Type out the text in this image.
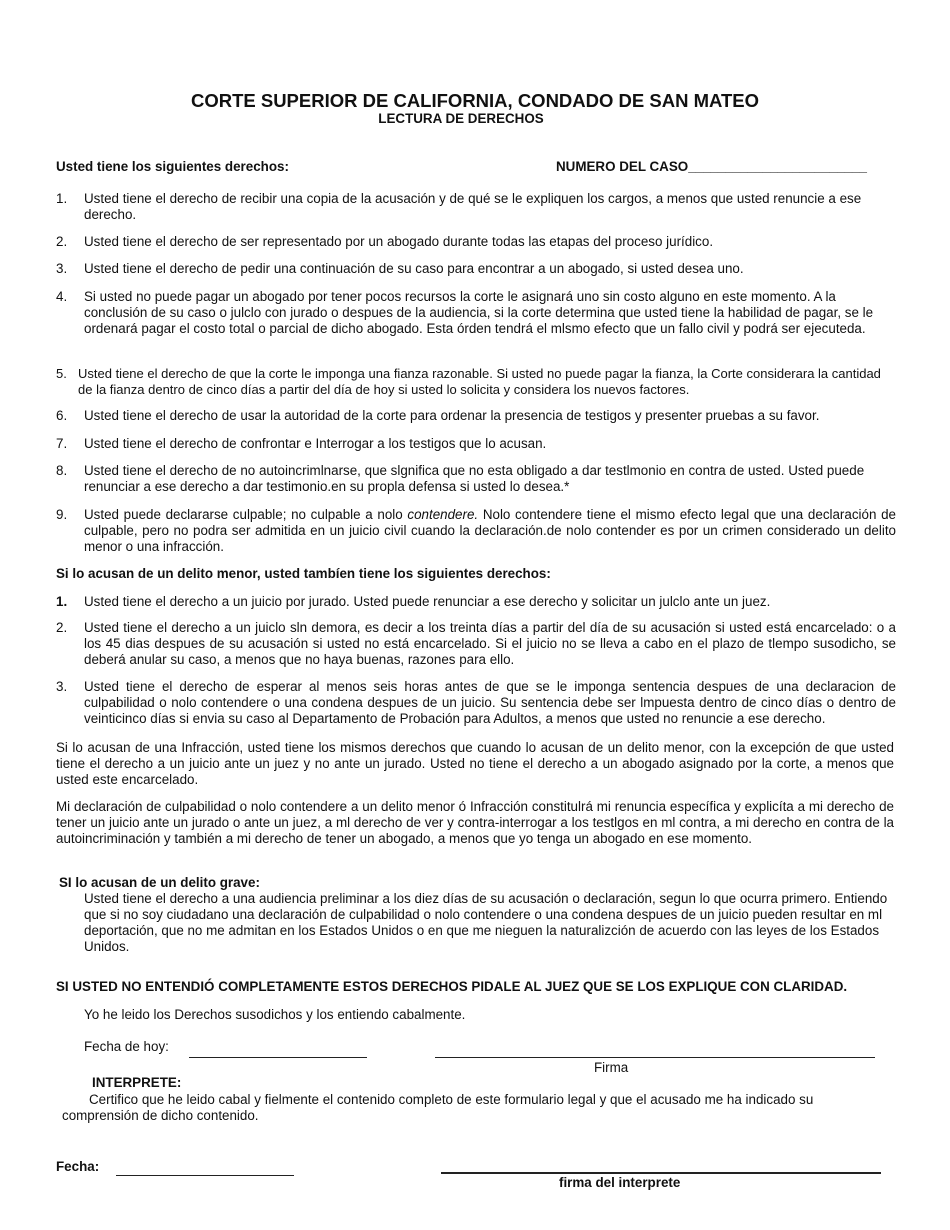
CORTE SUPERIOR DE CALIFORNIA, CONDADO DE SAN MATEO
LECTURA DE DERECHOS
Usted tiene los siguientes derechos:	NUMERO DEL CASO________________________
1. Usted tiene el derecho de recibir una copia de la acusación y de qué se le expliquen los cargos, a menos que usted renuncie a ese derecho.
2. Usted tiene el derecho de ser representado por un abogado durante todas las etapas del proceso jurídico.
3. Usted tiene el derecho de pedir una continuación de su caso para encontrar a un abogado, si usted desea uno.
4. Si usted no puede pagar un abogado por tener pocos recursos la corte le asignará uno sin costo alguno en este momento. A la conclusión de su caso o julclo con jurado o despues de la audiencia, si la corte determina que usted tiene la habilidad de pagar, se le ordenará pagar el costo total o parcial de dicho abogado. Esta órden tendrá el mlsmo efecto que un fallo civil y podrá ser ejecuteda.
5. Usted tiene el derecho de que la corte le imponga una fianza razonable. Si usted no puede pagar la fianza, la Corte considerara la cantidad de la fianza dentro de cinco días a partir del día de hoy si usted lo solicita y considera los nuevos factores.
6. Usted tiene el derecho de usar la autoridad de la corte para ordenar la presencia de testigos y presenter pruebas a su favor.
7. Usted tiene el derecho de confrontar e Interrogar a los testigos que lo acusan.
8. Usted tiene el derecho de no autoincrimlnarse, que slgnifica que no esta obligado a dar testlmonio en contra de usted. Usted puede renunciar a ese derecho a dar testimonio.en su propla defensa si usted lo desea.*
9. Usted puede declararse culpable; no culpable a nolo contendere. Nolo contendere tiene el mismo efecto legal que una declaración de culpable, pero no podra ser admitida en un juicio civil cuando la declaración.de nolo contender es por un crimen considerado un delito menor o una infracción.
Si lo acusan de un delito menor, usted tambíen tiene los siguientes derechos:
1. Usted tiene el derecho a un juicio por jurado. Usted puede renunciar a ese derecho y solicitar un julclo ante un juez.
2. Usted tiene el derecho a un juiclo sln demora, es decir a los treinta días a partir del día de su acusación si usted está encarcelado: o a los 45 dias despues de su acusación si usted no está encarcelado. Si el juicio no se lleva a cabo en el plazo de tlempo susodicho, se deberá anular su caso, a menos que no haya buenas, razones para ello.
3. Usted tiene el derecho de esperar al menos seis horas antes de que se le imponga sentencia despues de una declaracion de culpabilidad o nolo contendere o una condena despues de un juicio. Su sentencia debe ser lmpuesta dentro de cinco días o dentro de veinticinco días si envia su caso al Departamento de Probación para Adultos, a menos que usted no renuncie a ese derecho.
Si lo acusan de una Infracción, usted tiene los mismos derechos que cuando lo acusan de un delito menor, con la excepción de que usted tiene el derecho a un juicio ante un juez y no ante un jurado. Usted no tiene el derecho a un abogado asignado por la corte, a menos que usted este encarcelado.
Mi declaración de culpabilidad o nolo contendere a un delito menor ó Infracción constitulrá mi renuncia específica y explicíta a mi derecho de tener un juicio ante un jurado o ante un juez, a ml derecho de ver y contra-interrogar a los testlgos en ml contra, a mi derecho en contra de la autoincriminación y también a mi derecho de tener un abogado, a menos que yo tenga un abogado en ese momento.
SI lo acusan de un delito grave:
Usted tiene el derecho a una audiencia preliminar a los diez días de su acusación o declaración, segun lo que ocurra primero. Entiendo que si no soy ciudadano una declaración de culpabilidad o nolo contendere o una condena despues de un juicio pueden resultar en ml deportación, que no me admitan en los Estados Unidos o en que me nieguen la naturalizción de acuerdo con las leyes de los Estados Unidos.
SI USTED NO ENTENDIÓ COMPLETAMENTE ESTOS DERECHOS PIDALE AL JUEZ QUE SE LOS EXPLIQUE CON CLARIDAD.
Yo he leido los Derechos susodichos y los entiendo cabalmente.
Fecha de hoy:
Firma
INTERPRETE:
Certifico que he leido cabal y fielmente el contenido completo de este formulario legal y que el acusado me ha indicado su comprensión de dicho contenido.
Fecha:
firma del interprete
